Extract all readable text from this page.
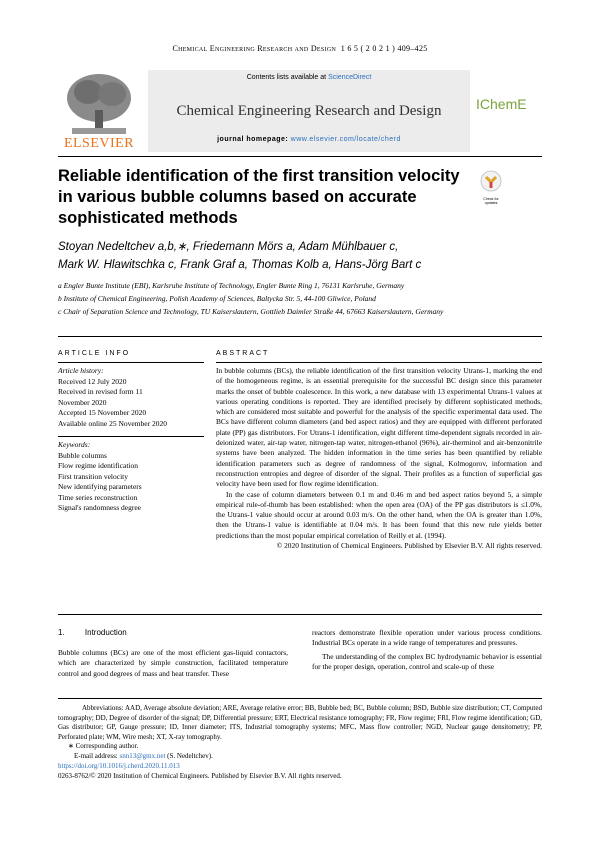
Chemical Engineering Research and Design 1 6 5 ( 2 0 2 1 ) 409–425
ELSEVIER
Contents lists available at ScienceDirect
Chemical Engineering Research and Design
journal homepage: www.elsevier.com/locate/cherd
IChemE
Reliable identification of the first transition velocity in various bubble columns based on accurate sophisticated methods
Check for updates
Stoyan Nedeltchev a,b,∗, Friedemann Mörs a, Adam Mühlbauer c,
Mark W. Hlawitschka c, Frank Graf a, Thomas Kolb a, Hans-Jörg Bart c
a Engler Bunte Institute (EBI), Karlsruhe Institute of Technology, Engler Bunte Ring 1, 76131 Karlsruhe, Germany
b Institute of Chemical Engineering, Polish Academy of Sciences, Baltycka Str. 5, 44-100 Gliwice, Poland
c Chair of Separation Science and Technology, TU Kaiserslautern, Gottlieb Daimler Straße 44, 67663 Kaiserslautern, Germany
ARTICLE INFO
Article history:
Received 12 July 2020
Received in revised form 11
November 2020
Accepted 15 November 2020
Available online 25 November 2020
Keywords:
Bubble columns
Flow regime identification
First transition velocity
New identifying parameters
Time series reconstruction
Signal's randomness degree
ABSTRACT

In bubble columns (BCs), the reliable identification of the first transition velocity Utrans-1, marking the end of the homogeneous regime, is an essential prerequisite for the successful BC design since this parameter marks the onset of bubble coalescence. In this work, a new database with 13 experimental Utrans-1 values at various operating conditions is reported. They are identified precisely by different sophisticated methods, which are considered most suitable and powerful for the analysis of the specific experimental data used. The BCs have different column diameters (and bed aspect ratios) and they are equipped with different perforated plate (PP) gas distributors. For Utrans-1 identification, eight different time-dependent signals recorded in air-deionized water, air-tap water, nitrogen-tap water, nitrogen-ethanol (96%), air-therminol and air-benzonitrile systems have been analyzed. The hidden information in the time series has been quantified by reliable identification parameters such as degree of randomness of the signal, Kolmogorov, information and reconstruction entropies and degree of disorder of the signal. Their profiles as a function of superficial gas velocity have been used for flow regime identification.

In the case of column diameters between 0.1 m and 0.46 m and bed aspect ratios beyond 5, a simple empirical rule-of-thumb has been established: when the open area (OA) of the PP gas distributors is ≤1.0%, the Utrans-1 value should occur at around 0.03 m/s. On the other hand, when the OA is greater than 1.0%, then the Utrans-1 value is identifiable at 0.04 m/s. It has been found that this new rule yields better predictions than the most popular empirical correlation of Reilly et al. (1994).

© 2020 Institution of Chemical Engineers. Published by Elsevier B.V. All rights reserved.

1.	Introduction

Bubble columns (BCs) are one of the most efficient gas-liquid contactors, which are characterized by simple construction, facilitated temperature control and good degrees of mass and heat transfer. These

reactors demonstrate flexible operation under various process conditions. Industrial BCs operate in a wide range of temperatures and pressures.

The understanding of the complex BC hydrodynamic behavior is essential for the proper design, operation, control and scale-up of these

Abbreviations: AAD, Average absolute deviation; ARE, Average relative error; BB, Bubble bed; BC, Bubble column; BSD, Bubble size distribution; CT, Computed tomography; DD, Degree of disorder of the signal; DP, Differential pressure; ERT, Electrical resistance tomography; FR, Flow regime; FRI, Flow regime identification; GD, Gas distributor; GP, Gauge pressure; ID, Inner diameter; ITS, Industrial tomography systems; MFC, Mass flow controller; NGD, Nuclear gauge densitometry; PP, Perforated plate; WM, Wire mesh; XT, X-ray tomography.
∗ Corresponding author.
E-mail address: snn13@gmx.net (S. Nedeltchev).
https://doi.org/10.1016/j.cherd.2020.11.013
0263-8762/© 2020 Institution of Chemical Engineers. Published by Elsevier B.V. All rights reserved.
